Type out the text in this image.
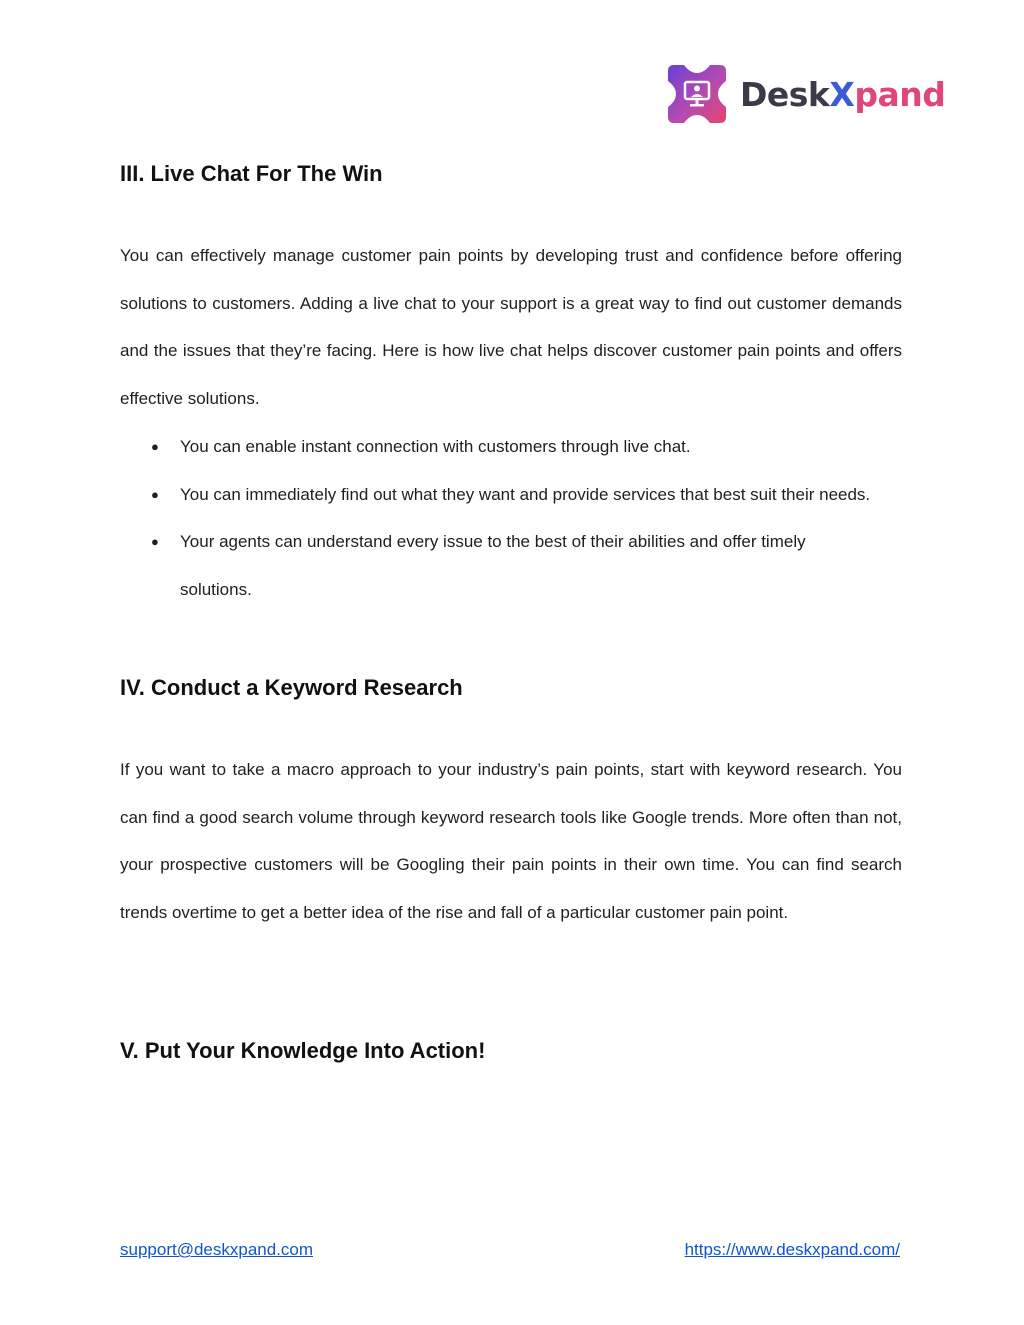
DeskXpand
III. Live Chat For The Win

You can effectively manage customer pain points by developing trust and confidence before offering solutions to customers. Adding a live chat to your support is a great way to find out customer demands and the issues that they’re facing. Here is how live chat helps discover customer pain points and offers effective solutions.

● You can enable instant connection with customers through live chat.
● You can immediately find out what they want and provide services that best suit their needs.
● Your agents can understand every issue to the best of their abilities and offer timely solutions.
IV. Conduct a Keyword Research

If you want to take a macro approach to your industry’s pain points, start with keyword research. You can find a good search volume through keyword research tools like Google trends. More often than not, your prospective customers will be Googling their pain points in their own time. You can find search trends overtime to get a better idea of the rise and fall of a particular customer pain point.

V. Put Your Knowledge Into Action!
support@deskxpand.com	https://www.deskxpand.com/
